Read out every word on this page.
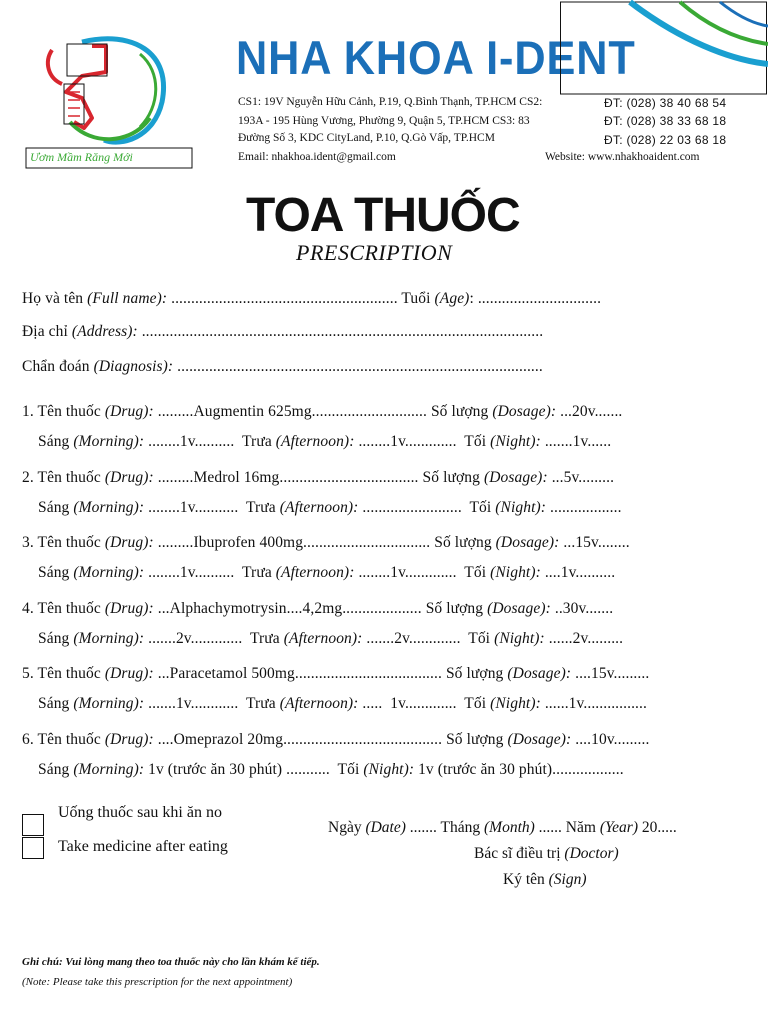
Ươm Mầm Răng Mới
NHA KHOA I-DENT
CS1: 19V Nguyễn Hữu Cảnh, P.19, Q.Bình Thạnh, TP.HCM CS2:
193A - 195 Hùng Vương, Phường 9, Quận 5, TP.HCM CS3: 83
Đường Số 3, KDC CityLand, P.10, Q.Gò Vấp, TP.HCM
Email: nhakhoa.ident@gmail.com	Website: www.nhakhoaident.com
ĐT: (028) 38 40 68 54
ĐT: (028) 38 33 68 18
ĐT: (028) 22 03 68 18
TOA THUỐC
PRESCRIPTION
Họ và tên (Full name): ......................................................... Tuổi (Age): ...............................
Địa chỉ (Address): .....................................................................................................
Chẩn đoán (Diagnosis): ............................................................................................
1. Tên thuốc (Drug): .........Augmentin 625mg............................. Số lượng (Dosage): ...20v.......
Sáng (Morning): ........1v..........  Trưa (Afternoon): ........1v.............  Tối (Night): .......1v......
2. Tên thuốc (Drug): .........Medrol 16mg................................... Số lượng (Dosage): ...5v.........
Sáng (Morning): ........1v...........  Trưa (Afternoon): .........................  Tối (Night): ..................
3. Tên thuốc (Drug): .........Ibuprofen 400mg................................ Số lượng (Dosage): ...15v........
Sáng (Morning): ........1v..........  Trưa (Afternoon): ........1v.............  Tối (Night): ....1v..........
4. Tên thuốc (Drug): ...Alphachymotrysin....4,2mg.................... Số lượng (Dosage): ..30v.......
Sáng (Morning): .......2v.............  Trưa (Afternoon): .......2v.............  Tối (Night): ......2v.........
5. Tên thuốc (Drug): ...Paracetamol 500mg..................................... Số lượng (Dosage): ....15v.........
Sáng (Morning): .......1v............  Trưa (Afternoon): .....  1v.............  Tối (Night): ......1v................
6. Tên thuốc (Drug): ....Omeprazol 20mg........................................ Số lượng (Dosage): ....10v.........
Sáng (Morning): 1v (trước ăn 30 phút) ...........  Tối (Night): 1v (trước ăn 30 phút)..................
Uống thuốc sau khi ăn no
Take medicine after eating
Ngày (Date) ....... Tháng (Month) ...... Năm (Year) 20.....
Bác sĩ điều trị (Doctor)
Ký tên (Sign)
Ghi chú: Vui lòng mang theo toa thuốc này cho lần khám kế tiếp.
(Note: Please take this prescription for the next appointment)
